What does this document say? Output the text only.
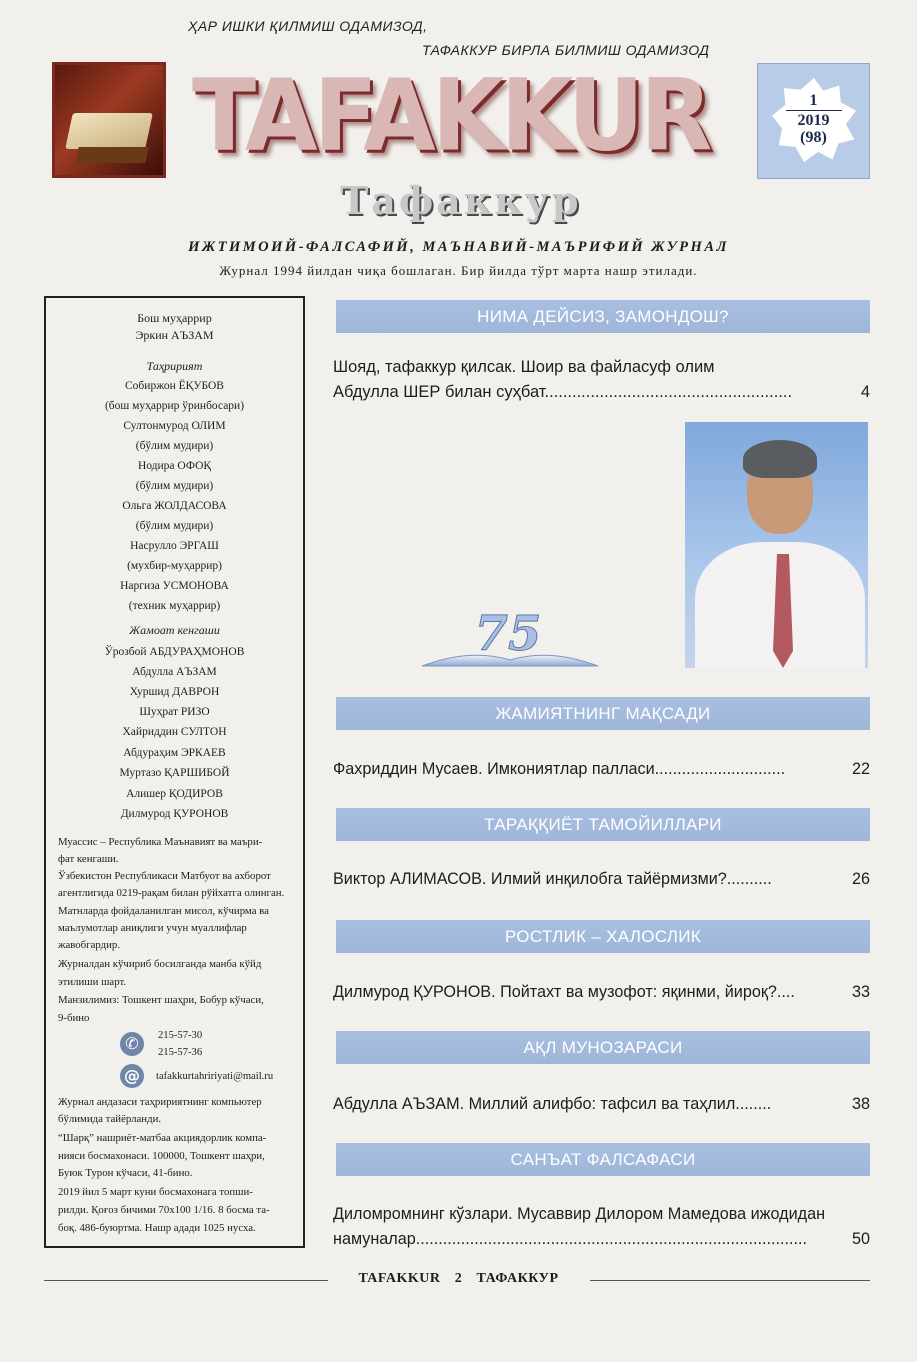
ҲАР ИШКИ ҚИЛМИШ ОДАМИЗОД,
ТАФАККУР БИРЛА БИЛМИШ ОДАМИЗОД
TAFAKKUR
Тафаккур
1
2019
(98)
ИЖТИМОИЙ-ФАЛСАФИЙ, МАЪНАВИЙ-МАЪРИФИЙ ЖУРНАЛ
Журнал 1994 йилдан чиқа бошлаган. Бир йилда тўрт марта нашр этилади.
Бош муҳаррир
Эркин АЪЗАМ
Таҳририят
Собиржон ЁҚУБОВ
(бош муҳаррир ўринбосари)
Султонмурод ОЛИМ
(бўлим мудири)
Нодира ОФОҚ
(бўлим мудири)
Ольга ЖОЛДАСОВА
(бўлим мудири)
Насрулло ЭРГАШ
(мухбир-муҳаррир)
Наргиза УСМОНОВА
(техник муҳаррир)
Жамоат кенгаши
Ўрозбой АБДУРАҲМОНОВ
Абдулла АЪЗАМ
Хуршид ДАВРОН
Шуҳрат РИЗО
Хайриддин СУЛТОН
Абдураҳим ЭРКАЕВ
Муртазо ҚАРШИБОЙ
Алишер ҚОДИРОВ
Дилмурод ҚУРОНОВ
Муассис – Республика Маънавият ва маъри-
фат кенгаши.
Ўзбекистон Республикаси Матбуот ва ахборот
агентлигида 0219-рақам билан рўйхатга олинган.
Матнларда фойдаланилган мисол, кўчирма ва
маълумотлар аниқлиги учун муаллифлар
жавобгардир.
Журналдан кўчириб босилганда манба кўйд
этилиши шарт.
Манзилимиз: Тошкент шаҳри, Бобур кўчаси,
9-бино
✆	215-57-30
215-57-36
@	tafakkurtahririyati@mail.ru
Журнал андазаси таҳририятнинг компьютер
бўлимида тайёрланди.
“Шарқ” нашриёт-матбаа акциядорлик компа-
нияси босмахонаси. 100000, Тошкент шаҳри,
Буюк Турон кўчаси, 41-бино.
2019 йил 5 март куни босмахонага топши-
рилди. Қоғоз бичими 70х100 1/16. 8 босма та-
боқ. 486-буюртма. Нашр адади 1025 нусха.
НИМА ДЕЙСИЗ, ЗАМОНДОШ?
Шояд, тафаккур қилсак. Шоир ва файласуф олим
Абдулла ШЕР билан суҳбат......................................................	4
75
ЖАМИЯТНИНГ МАҚСАДИ
Фахриддин Мусаев. Имкониятлар палласи.............................	22
ТАРАҚҚИЁТ ТАМОЙИЛЛАРИ
Виктор АЛИМАСОВ. Илмий инқилобга тайёрмизми?..........	26
РОСТЛИК – ХАЛОСЛИК
Дилмурод ҚУРОНОВ. Пойтахт ва музофот: яқинми, йироқ?....	33
АҚЛ МУНОЗАРАСИ
Абдулла АЪЗАМ. Миллий алифбо: тафсил ва таҳлил........	38
САНЪАТ ФАЛСАФАСИ
Диломромнинг кўзлари. Мусаввир Дилором Мамедова ижодидан
намуналар.......................................................................................	50
TAFAKKUR 2 ТАФАККУР
